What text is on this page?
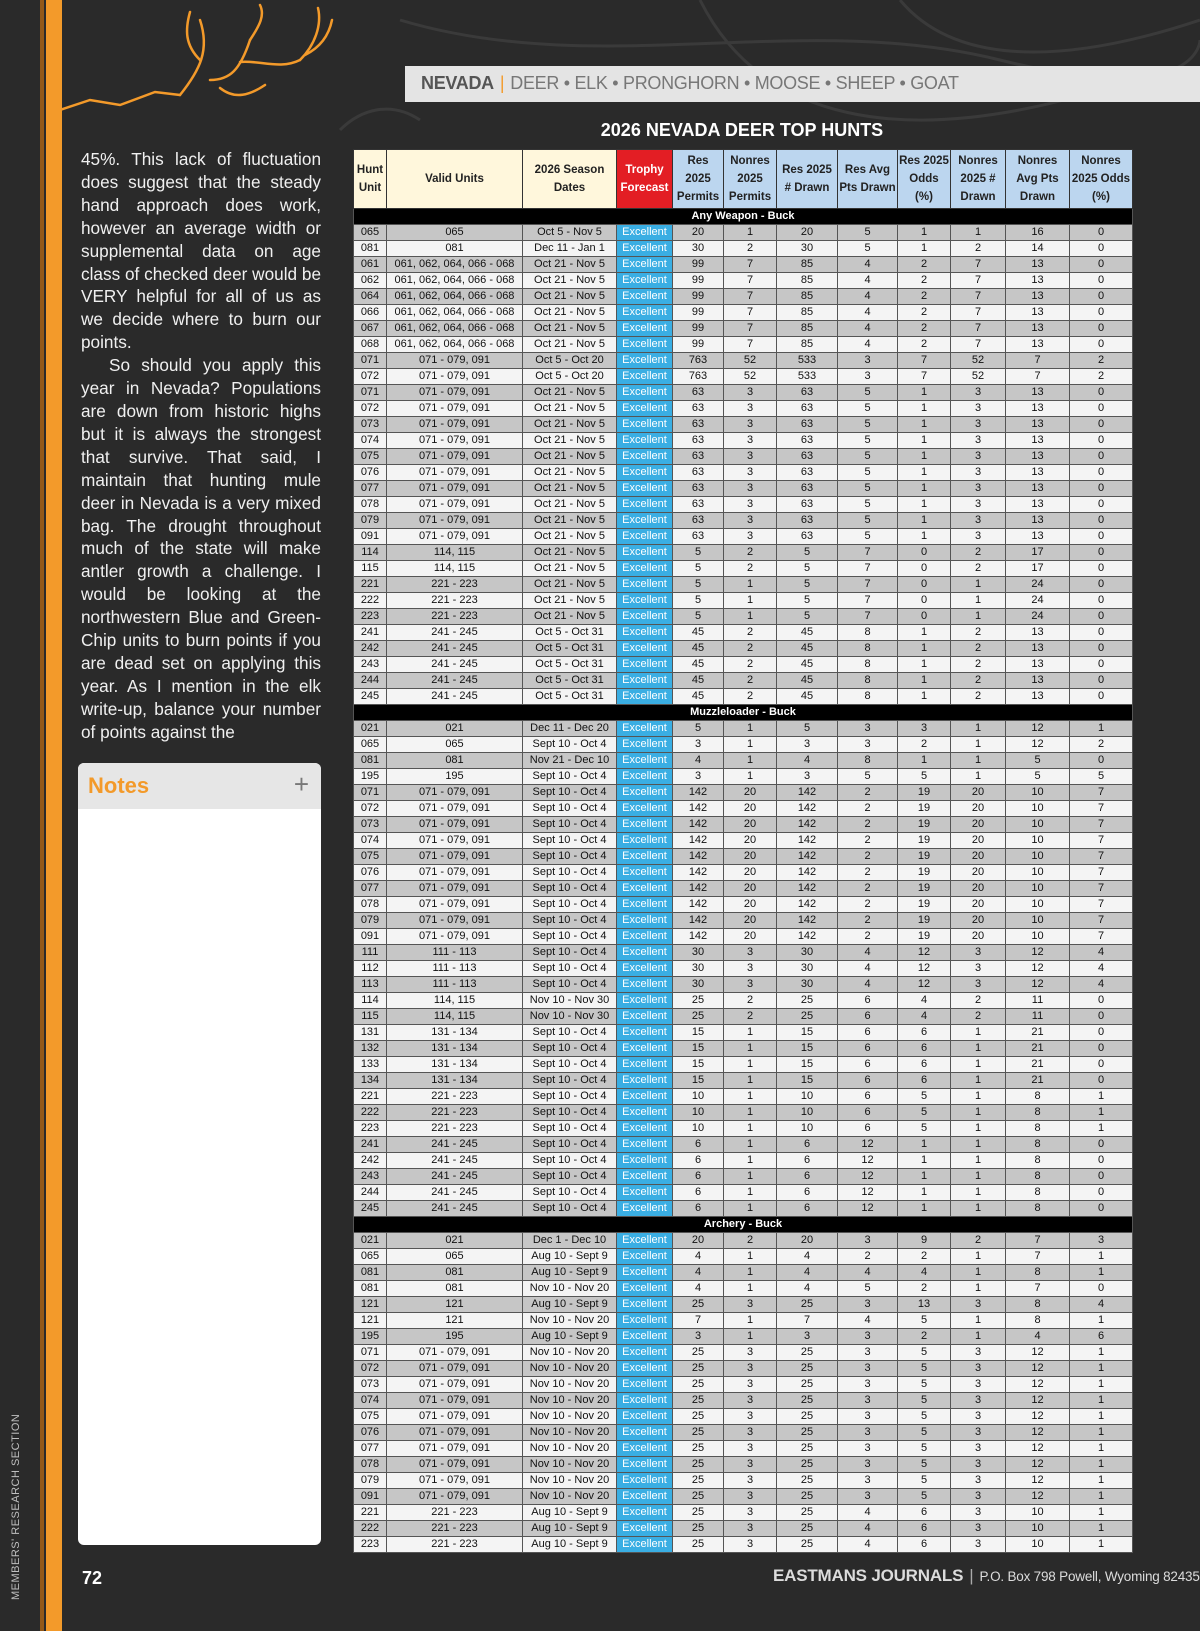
MEMBERS' RESEARCH SECTION
NEVADA | DEER • ELK • PRONGHORN • MOOSE • SHEEP • GOAT

45%. This lack of fluctuation does suggest that the steady hand approach does work, however an average width or supplemental data on age class of checked deer would be VERY helpful for all of us as we decide where to burn our points.

So should you apply this year in Nevada? Populations are down from historic highs but it is always the strongest that survive. That said, I maintain that hunting mule deer in Nevada is a very mixed bag. The drought throughout much of the state will make antler growth a challenge. I would be looking at the northwestern Blue and Green-Chip units to burn points if you are dead set on applying this year. As I mention in the elk write-up, balance your number of points against the

Notes	+
2026 NEVADA DEER TOP HUNTS
Hunt Unit	Valid Units	2026 Season Dates	Trophy Forecast	Res 2025 Permits	Nonres 2025 Permits	Res 2025 # Drawn	Res Avg Pts Drawn	Res 2025 Odds (%)	Nonres 2025 # Drawn	Nonres Avg Pts Drawn	Nonres 2025 Odds (%)
Any Weapon - Buck											
065	065	Oct 5 - Nov 5	Excellent	20	1	20	5	1	1	16	0
081	081	Dec 11 - Jan 1	Excellent	30	2	30	5	1	2	14	0
061	061, 062, 064, 066 - 068	Oct 21 - Nov 5	Excellent	99	7	85	4	2	7	13	0
062	061, 062, 064, 066 - 068	Oct 21 - Nov 5	Excellent	99	7	85	4	2	7	13	0
064	061, 062, 064, 066 - 068	Oct 21 - Nov 5	Excellent	99	7	85	4	2	7	13	0
066	061, 062, 064, 066 - 068	Oct 21 - Nov 5	Excellent	99	7	85	4	2	7	13	0
067	061, 062, 064, 066 - 068	Oct 21 - Nov 5	Excellent	99	7	85	4	2	7	13	0
068	061, 062, 064, 066 - 068	Oct 21 - Nov 5	Excellent	99	7	85	4	2	7	13	0
071	071 - 079, 091	Oct 5 - Oct 20	Excellent	763	52	533	3	7	52	7	2
072	071 - 079, 091	Oct 5 - Oct 20	Excellent	763	52	533	3	7	52	7	2
071	071 - 079, 091	Oct 21 - Nov 5	Excellent	63	3	63	5	1	3	13	0
072	071 - 079, 091	Oct 21 - Nov 5	Excellent	63	3	63	5	1	3	13	0
073	071 - 079, 091	Oct 21 - Nov 5	Excellent	63	3	63	5	1	3	13	0
074	071 - 079, 091	Oct 21 - Nov 5	Excellent	63	3	63	5	1	3	13	0
075	071 - 079, 091	Oct 21 - Nov 5	Excellent	63	3	63	5	1	3	13	0
076	071 - 079, 091	Oct 21 - Nov 5	Excellent	63	3	63	5	1	3	13	0
077	071 - 079, 091	Oct 21 - Nov 5	Excellent	63	3	63	5	1	3	13	0
078	071 - 079, 091	Oct 21 - Nov 5	Excellent	63	3	63	5	1	3	13	0
079	071 - 079, 091	Oct 21 - Nov 5	Excellent	63	3	63	5	1	3	13	0
091	071 - 079, 091	Oct 21 - Nov 5	Excellent	63	3	63	5	1	3	13	0
114	114, 115	Oct 21 - Nov 5	Excellent	5	2	5	7	0	2	17	0
115	114, 115	Oct 21 - Nov 5	Excellent	5	2	5	7	0	2	17	0
221	221 - 223	Oct 21 - Nov 5	Excellent	5	1	5	7	0	1	24	0
222	221 - 223	Oct 21 - Nov 5	Excellent	5	1	5	7	0	1	24	0
223	221 - 223	Oct 21 - Nov 5	Excellent	5	1	5	7	0	1	24	0
241	241 - 245	Oct 5 - Oct 31	Excellent	45	2	45	8	1	2	13	0
242	241 - 245	Oct 5 - Oct 31	Excellent	45	2	45	8	1	2	13	0
243	241 - 245	Oct 5 - Oct 31	Excellent	45	2	45	8	1	2	13	0
244	241 - 245	Oct 5 - Oct 31	Excellent	45	2	45	8	1	2	13	0
245	241 - 245	Oct 5 - Oct 31	Excellent	45	2	45	8	1	2	13	0
Muzzleloader - Buck											
021	021	Dec 11 - Dec 20	Excellent	5	1	5	3	3	1	12	1
065	065	Sept 10 - Oct 4	Excellent	3	1	3	3	2	1	12	2
081	081	Nov 21 - Dec 10	Excellent	4	1	4	8	1	1	5	0
195	195	Sept 10 - Oct 4	Excellent	3	1	3	5	5	1	5	5
071	071 - 079, 091	Sept 10 - Oct 4	Excellent	142	20	142	2	19	20	10	7
072	071 - 079, 091	Sept 10 - Oct 4	Excellent	142	20	142	2	19	20	10	7
073	071 - 079, 091	Sept 10 - Oct 4	Excellent	142	20	142	2	19	20	10	7
074	071 - 079, 091	Sept 10 - Oct 4	Excellent	142	20	142	2	19	20	10	7
075	071 - 079, 091	Sept 10 - Oct 4	Excellent	142	20	142	2	19	20	10	7
076	071 - 079, 091	Sept 10 - Oct 4	Excellent	142	20	142	2	19	20	10	7
077	071 - 079, 091	Sept 10 - Oct 4	Excellent	142	20	142	2	19	20	10	7
078	071 - 079, 091	Sept 10 - Oct 4	Excellent	142	20	142	2	19	20	10	7
079	071 - 079, 091	Sept 10 - Oct 4	Excellent	142	20	142	2	19	20	10	7
091	071 - 079, 091	Sept 10 - Oct 4	Excellent	142	20	142	2	19	20	10	7
111	111 - 113	Sept 10 - Oct 4	Excellent	30	3	30	4	12	3	12	4
112	111 - 113	Sept 10 - Oct 4	Excellent	30	3	30	4	12	3	12	4
113	111 - 113	Sept 10 - Oct 4	Excellent	30	3	30	4	12	3	12	4
114	114, 115	Nov 10 - Nov 30	Excellent	25	2	25	6	4	2	11	0
115	114, 115	Nov 10 - Nov 30	Excellent	25	2	25	6	4	2	11	0
131	131 - 134	Sept 10 - Oct 4	Excellent	15	1	15	6	6	1	21	0
132	131 - 134	Sept 10 - Oct 4	Excellent	15	1	15	6	6	1	21	0
133	131 - 134	Sept 10 - Oct 4	Excellent	15	1	15	6	6	1	21	0
134	131 - 134	Sept 10 - Oct 4	Excellent	15	1	15	6	6	1	21	0
221	221 - 223	Sept 10 - Oct 4	Excellent	10	1	10	6	5	1	8	1
222	221 - 223	Sept 10 - Oct 4	Excellent	10	1	10	6	5	1	8	1
223	221 - 223	Sept 10 - Oct 4	Excellent	10	1	10	6	5	1	8	1
241	241 - 245	Sept 10 - Oct 4	Excellent	6	1	6	12	1	1	8	0
242	241 - 245	Sept 10 - Oct 4	Excellent	6	1	6	12	1	1	8	0
243	241 - 245	Sept 10 - Oct 4	Excellent	6	1	6	12	1	1	8	0
244	241 - 245	Sept 10 - Oct 4	Excellent	6	1	6	12	1	1	8	0
245	241 - 245	Sept 10 - Oct 4	Excellent	6	1	6	12	1	1	8	0
Archery - Buck											
021	021	Dec 1 - Dec 10	Excellent	20	2	20	3	9	2	7	3
065	065	Aug 10 - Sept 9	Excellent	4	1	4	2	2	1	7	1
081	081	Aug 10 - Sept 9	Excellent	4	1	4	4	4	1	8	1
081	081	Nov 10 - Nov 20	Excellent	4	1	4	5	2	1	7	0
121	121	Aug 10 - Sept 9	Excellent	25	3	25	3	13	3	8	4
121	121	Nov 10 - Nov 20	Excellent	7	1	7	4	5	1	8	1
195	195	Aug 10 - Sept 9	Excellent	3	1	3	3	2	1	4	6
071	071 - 079, 091	Nov 10 - Nov 20	Excellent	25	3	25	3	5	3	12	1
072	071 - 079, 091	Nov 10 - Nov 20	Excellent	25	3	25	3	5	3	12	1
073	071 - 079, 091	Nov 10 - Nov 20	Excellent	25	3	25	3	5	3	12	1
074	071 - 079, 091	Nov 10 - Nov 20	Excellent	25	3	25	3	5	3	12	1
075	071 - 079, 091	Nov 10 - Nov 20	Excellent	25	3	25	3	5	3	12	1
076	071 - 079, 091	Nov 10 - Nov 20	Excellent	25	3	25	3	5	3	12	1
077	071 - 079, 091	Nov 10 - Nov 20	Excellent	25	3	25	3	5	3	12	1
078	071 - 079, 091	Nov 10 - Nov 20	Excellent	25	3	25	3	5	3	12	1
079	071 - 079, 091	Nov 10 - Nov 20	Excellent	25	3	25	3	5	3	12	1
091	071 - 079, 091	Nov 10 - Nov 20	Excellent	25	3	25	3	5	3	12	1
221	221 - 223	Aug 10 - Sept 9	Excellent	25	3	25	4	6	3	10	1
222	221 - 223	Aug 10 - Sept 9	Excellent	25	3	25	4	6	3	10	1
223	221 - 223	Aug 10 - Sept 9	Excellent	25	3	25	4	6	3	10	1
72	EASTMANS JOURNALS | P.O. Box 798 Powell, Wyoming 82435
